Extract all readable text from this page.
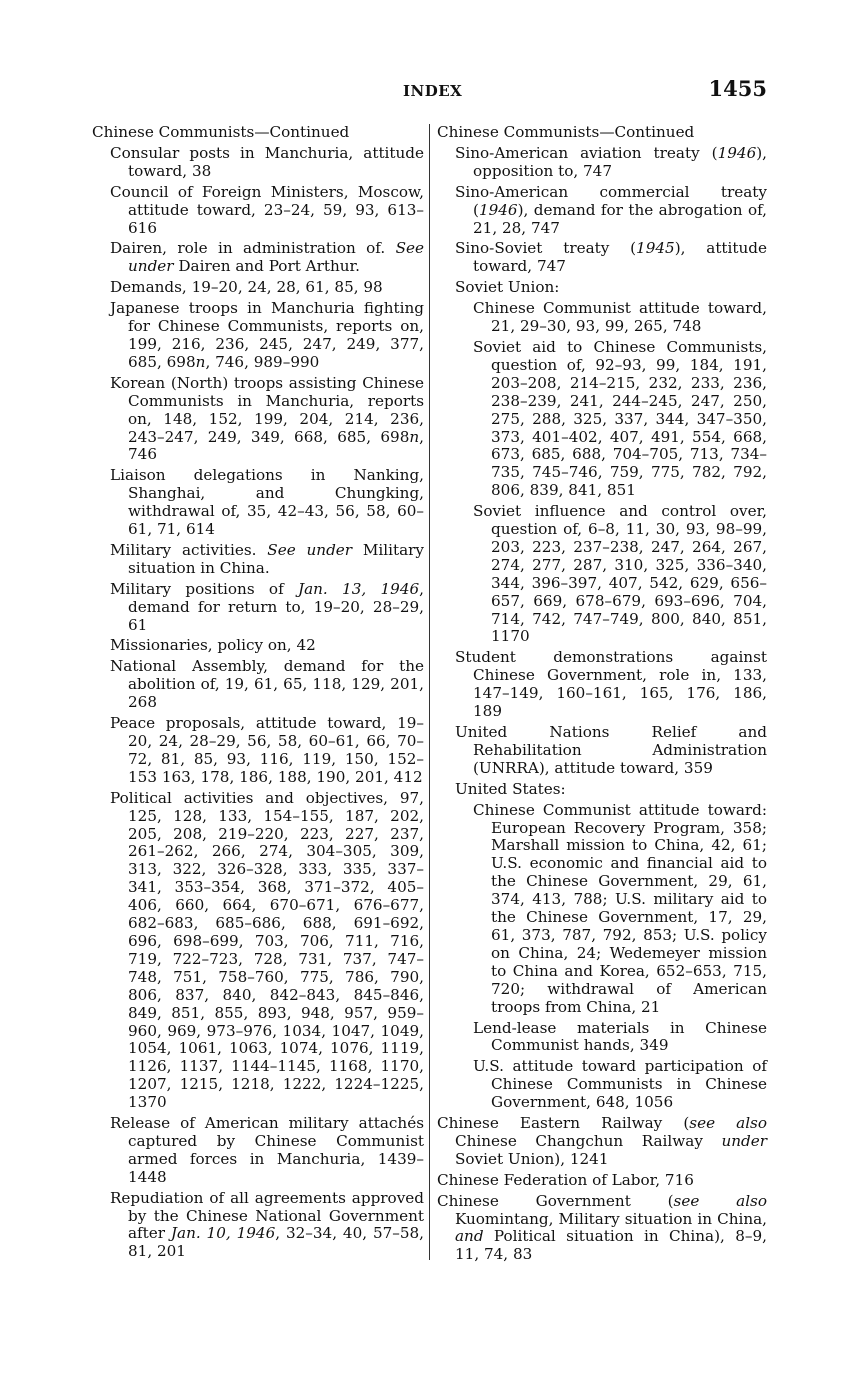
INDEX	1455
Chinese Communists—Continued
Consular posts in Manchuria, attitude toward, 38
Council of Foreign Ministers, Moscow, attitude toward, 23–24, 59, 93, 613–616
Dairen, role in administration of. See under Dairen and Port Arthur.
Demands, 19–20, 24, 28, 61, 85, 98
Japanese troops in Manchuria fighting for Chinese Communists, reports on, 199, 216, 236, 245, 247, 249, 377, 685, 698n, 746, 989–990
Korean (North) troops assisting Chinese Communists in Manchuria, reports on, 148, 152, 199, 204, 214, 236, 243–247, 249, 349, 668, 685, 698n, 746
Liaison delegations in Nanking, Shanghai, and Chungking, withdrawal of, 35, 42–43, 56, 58, 60–61, 71, 614
Military activities. See under Military situation in China.
Military positions of Jan. 13, 1946, demand for return to, 19–20, 28–29, 61
Missionaries, policy on, 42
National Assembly, demand for the abolition of, 19, 61, 65, 118, 129, 201, 268
Peace proposals, attitude toward, 19–20, 24, 28–29, 56, 58, 60–61, 66, 70–72, 81, 85, 93, 116, 119, 150, 152–153 163, 178, 186, 188, 190, 201, 412
Political activities and objectives, 97, 125, 128, 133, 154–155, 187, 202, 205, 208, 219–220, 223, 227, 237, 261–262, 266, 274, 304–305, 309, 313, 322, 326–328, 333, 335, 337–341, 353–354, 368, 371–372, 405–406, 660, 664, 670–671, 676–677, 682–683, 685–686, 688, 691–692, 696, 698–699, 703, 706, 711, 716, 719, 722–723, 728, 731, 737, 747–748, 751, 758–760, 775, 786, 790, 806, 837, 840, 842–843, 845–846, 849, 851, 855, 893, 948, 957, 959–960, 969, 973–976, 1034, 1047, 1049, 1054, 1061, 1063, 1074, 1076, 1119, 1126, 1137, 1144–1145, 1168, 1170, 1207, 1215, 1218, 1222, 1224–1225, 1370
Release of American military attachés captured by Chinese Communist armed forces in Manchuria, 1439–1448
Repudiation of all agreements approved by the Chinese National Government after Jan. 10, 1946, 32–34, 40, 57–58, 81, 201
Chinese Communists—Continued
Sino-American aviation treaty (1946), opposition to, 747
Sino-American commercial treaty (1946), demand for the abrogation of, 21, 28, 747
Sino-Soviet treaty (1945), attitude toward, 747
Soviet Union:
Chinese Communist attitude toward, 21, 29–30, 93, 99, 265, 748
Soviet aid to Chinese Communists, question of, 92–93, 99, 184, 191, 203–208, 214–215, 232, 233, 236, 238–239, 241, 244–245, 247, 250, 275, 288, 325, 337, 344, 347–350, 373, 401–402, 407, 491, 554, 668, 673, 685, 688, 704–705, 713, 734–735, 745–746, 759, 775, 782, 792, 806, 839, 841, 851
Soviet influence and control over, question of, 6–8, 11, 30, 93, 98–99, 203, 223, 237–238, 247, 264, 267, 274, 277, 287, 310, 325, 336–340, 344, 396–397, 407, 542, 629, 656–657, 669, 678–679, 693–696, 704, 714, 742, 747–749, 800, 840, 851, 1170
Student demonstrations against Chinese Government, role in, 133, 147–149, 160–161, 165, 176, 186, 189
United Nations Relief and Rehabilitation Administration (UNRRA), attitude toward, 359
United States:
Chinese Communist attitude toward: European Recovery Program, 358; Marshall mission to China, 42, 61; U.S. economic and financial aid to the Chinese Government, 29, 61, 374, 413, 788; U.S. military aid to the Chinese Government, 17, 29, 61, 373, 787, 792, 853; U.S. policy on China, 24; Wedemeyer mission to China and Korea, 652–653, 715, 720; withdrawal of American troops from China, 21
Lend-lease materials in Chinese Communist hands, 349
U.S. attitude toward participation of Chinese Communists in Chinese Government, 648, 1056
Chinese Eastern Railway (see also Chinese Changchun Railway under Soviet Union), 1241
Chinese Federation of Labor, 716
Chinese Government (see also Kuomintang, Military situation in China, and Political situation in China), 8–9, 11, 74, 83
